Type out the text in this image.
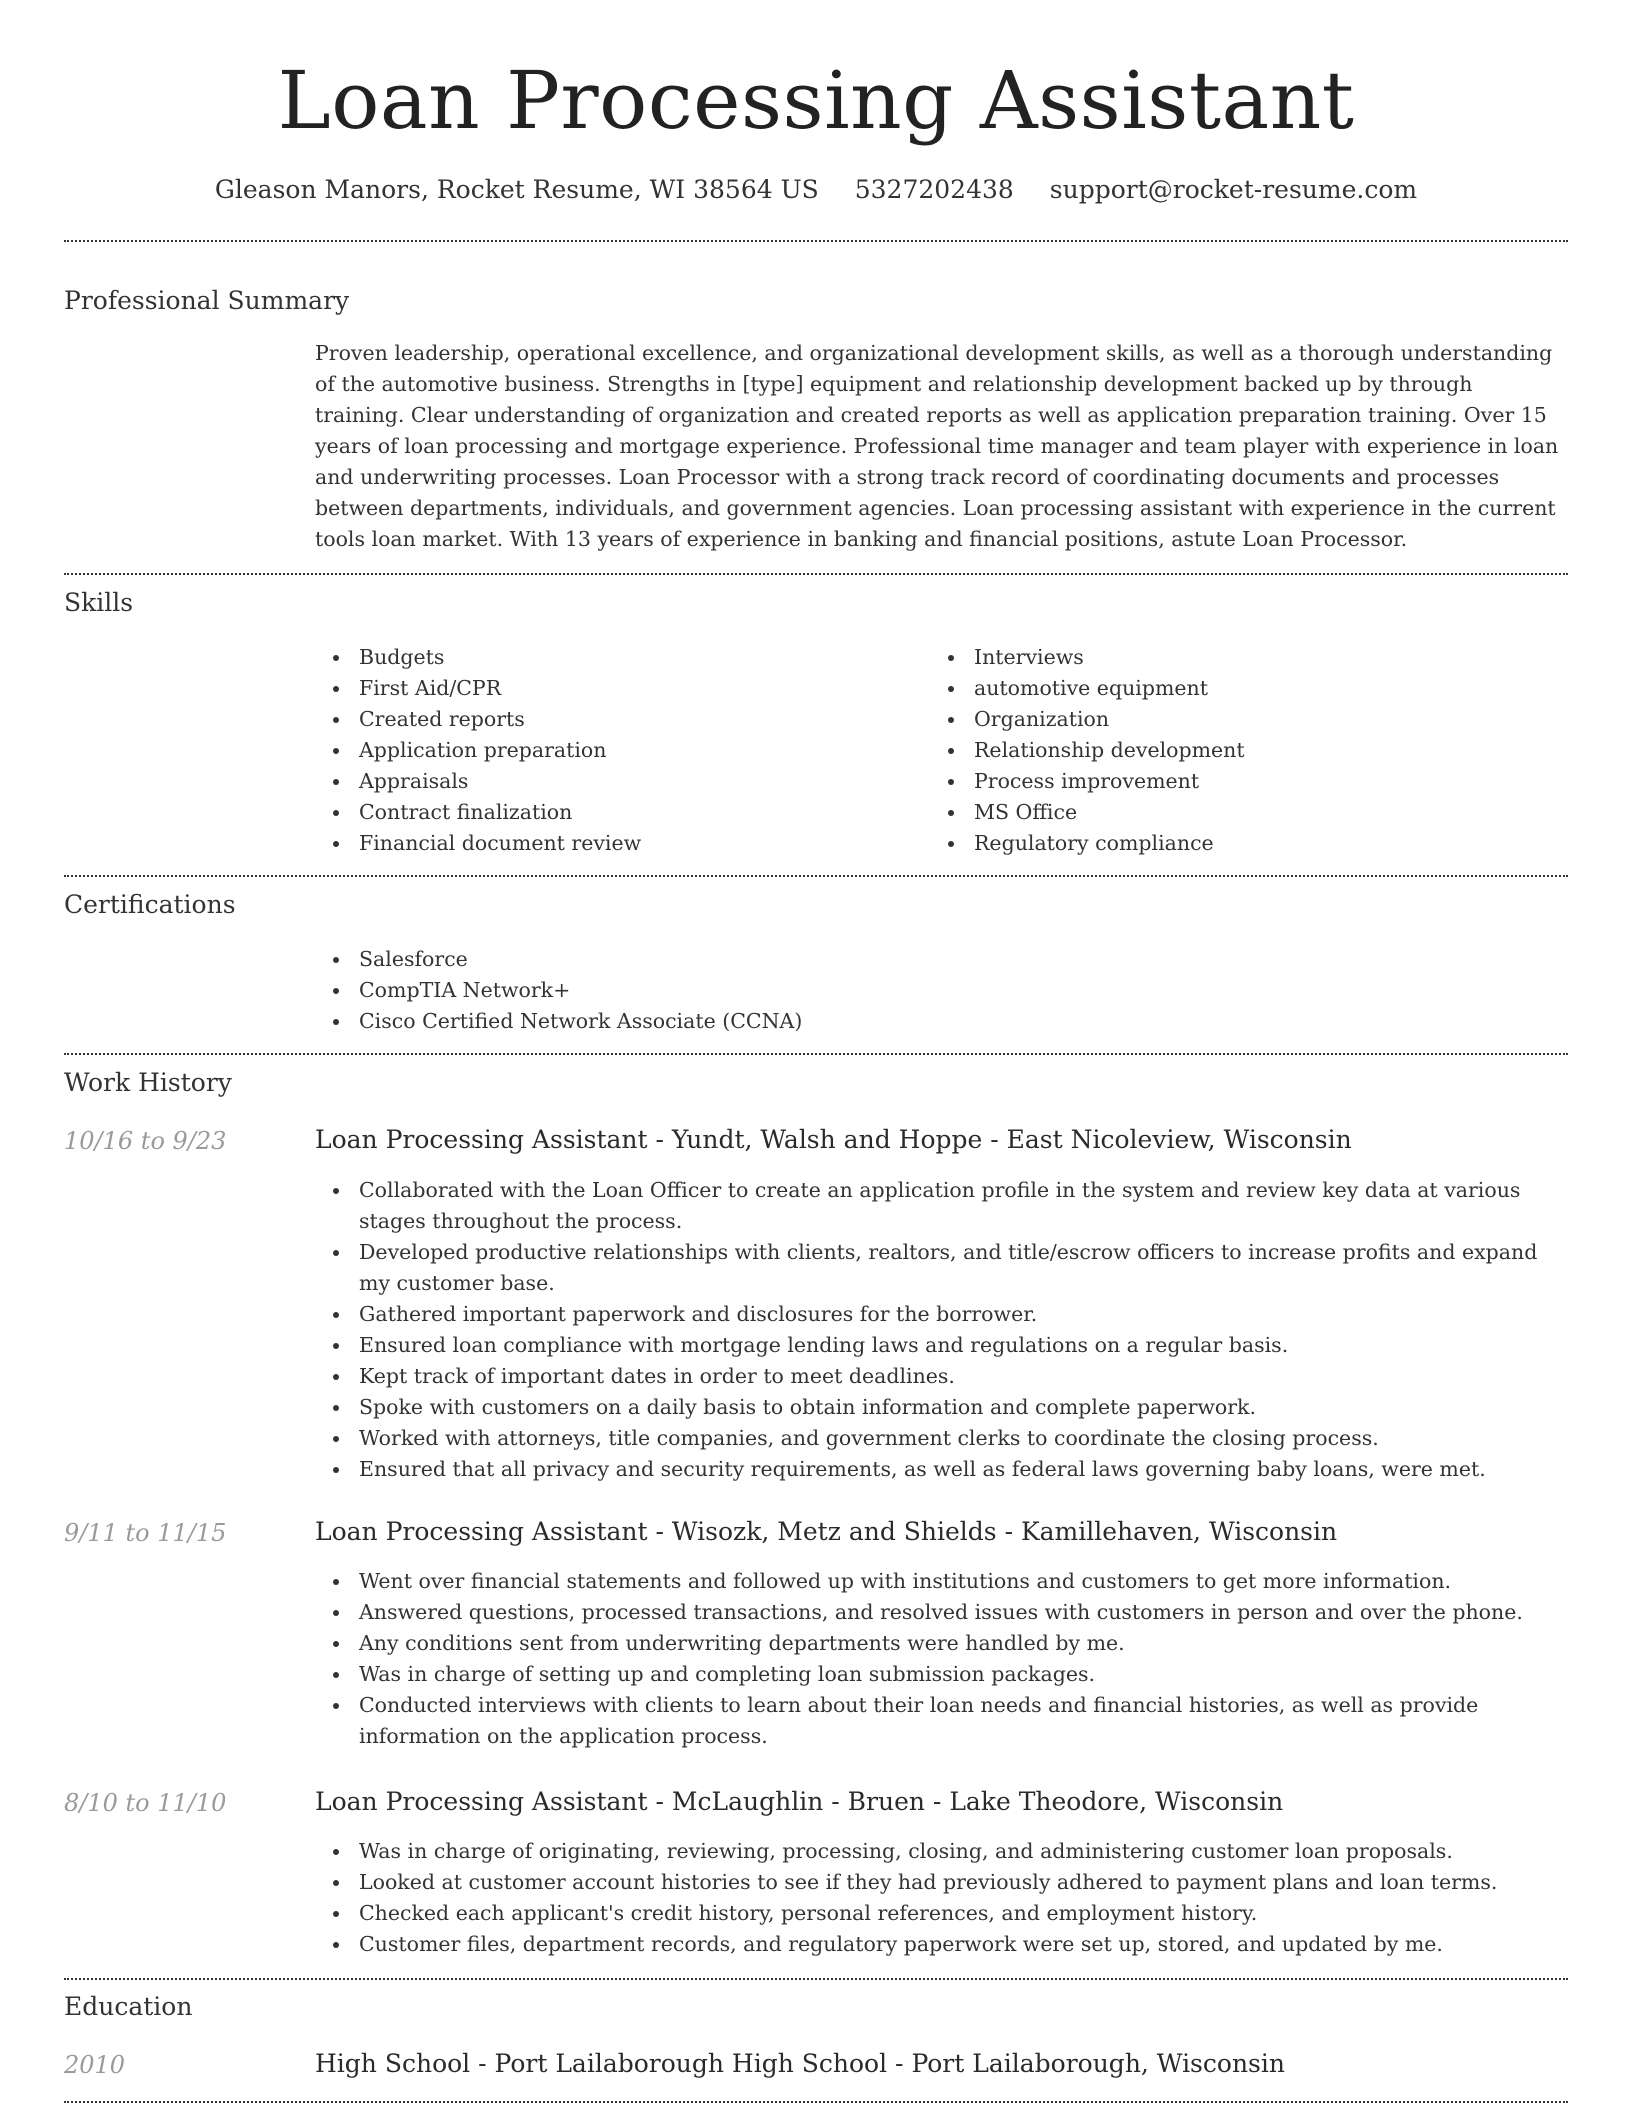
Loan Processing Assistant
Gleason Manors, Rocket Resume, WI 38564 US 5327202438 support@rocket-resume.com
Professional Summary

Proven leadership, operational excellence, and organizational development skills, as well as a thorough understanding of the automotive business. Strengths in [type] equipment and relationship development backed up by through training. Clear understanding of organization and created reports as well as application preparation training. Over 15 years of loan processing and mortgage experience. Professional time manager and team player with experience in loan and underwriting processes. Loan Processor with a strong track record of coordinating documents and processes between departments, individuals, and government agencies. Loan processing assistant with experience in the current tools loan market. With 13 years of experience in banking and financial positions, astute Loan Processor.

Skills
Budgets
First Aid/CPR
Created reports
Application preparation
Appraisals
Contract finalization
Financial document review
Interviews
automotive equipment
Organization
Relationship development
Process improvement
MS Office
Regulatory compliance
Certifications
Salesforce
CompTIA Network+
Cisco Certified Network Associate (CCNA)
Work History
10/16 to 9/23	Loan Processing Assistant - Yundt, Walsh and Hoppe - East Nicoleview, Wisconsin
Collaborated with the Loan Officer to create an application profile in the system and review key data at various stages throughout the process.
Developed productive relationships with clients, realtors, and title/escrow officers to increase profits and expand my customer base.
Gathered important paperwork and disclosures for the borrower.
Ensured loan compliance with mortgage lending laws and regulations on a regular basis.
Kept track of important dates in order to meet deadlines.
Spoke with customers on a daily basis to obtain information and complete paperwork.
Worked with attorneys, title companies, and government clerks to coordinate the closing process.
Ensured that all privacy and security requirements, as well as federal laws governing baby loans, were met.
9/11 to 11/15	Loan Processing Assistant - Wisozk, Metz and Shields - Kamillehaven, Wisconsin
Went over financial statements and followed up with institutions and customers to get more information.
Answered questions, processed transactions, and resolved issues with customers in person and over the phone.
Any conditions sent from underwriting departments were handled by me.
Was in charge of setting up and completing loan submission packages.
Conducted interviews with clients to learn about their loan needs and financial histories, as well as provide information on the application process.
8/10 to 11/10	Loan Processing Assistant - McLaughlin - Bruen - Lake Theodore, Wisconsin
Was in charge of originating, reviewing, processing, closing, and administering customer loan proposals.
Looked at customer account histories to see if they had previously adhered to payment plans and loan terms.
Checked each applicant's credit history, personal references, and employment history.
Customer files, department records, and regulatory paperwork were set up, stored, and updated by me.
Education
2010	High School - Port Lailaborough High School - Port Lailaborough, Wisconsin
